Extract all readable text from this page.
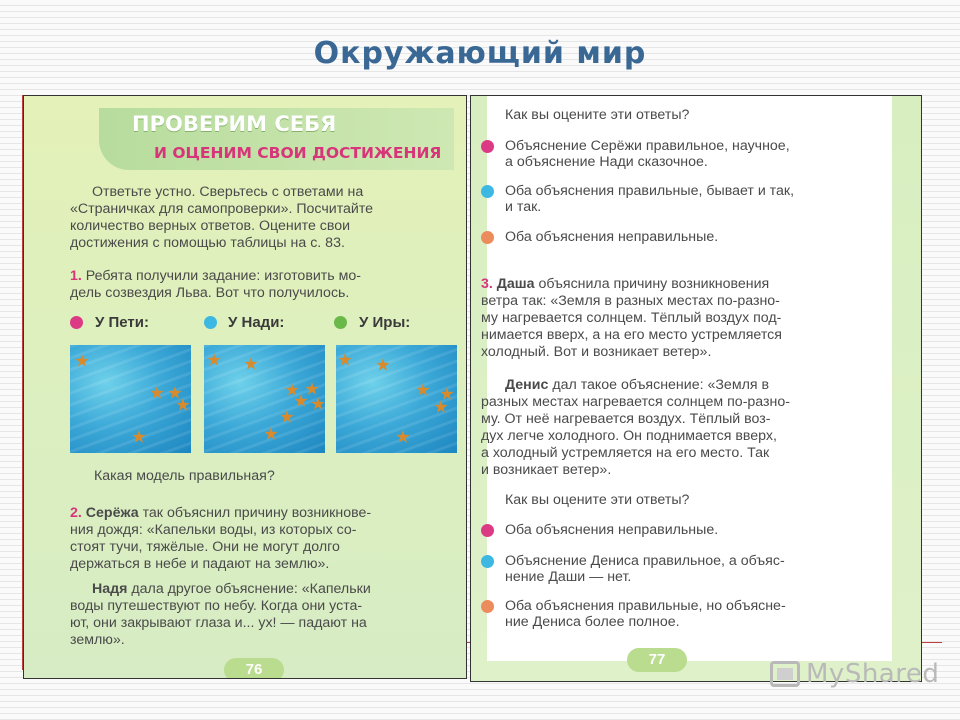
Окружающий мир
ПРОВЕРИМ СЕБЯ
И ОЦЕНИМ СВОИ ДОСТИЖЕНИЯ
Ответьте устно. Сверьтесь с ответами на
«Страничках для самопроверки». Посчитайте
количество верных ответов. Оцените свои
достижения с помощью таблицы на с. 83.
1. Ребята получили задание: изготовить мо-
дель созвездия Льва. Вот что получилось.
У Пети:	У Нади:	У Иры:
Какая модель правильная?
2. Серёжа так объяснил причину возникнове-
ния дождя: «Капельки воды, из которых со-
стоят тучи, тяжёлые. Они не могут долго
держаться в небе и падают на землю».
Надя дала другое объяснение: «Капельки
воды путешествуют по небу. Когда они уста-
ют, они закрывают глаза и... ух! — падают на
землю».
76
Как вы оцените эти ответы?
Объяснение Серёжи правильное, научное,
а объяснение Нади сказочное.
Оба объяснения правильные, бывает и так,
и так.
Оба объяснения неправильные.
3. Даша объяснила причину возникновения
ветра так: «Земля в разных местах по-разно-
му нагревается солнцем. Тёплый воздух под-
нимается вверх, а на его место устремляется
холодный. Вот и возникает ветер».
Денис дал такое объяснение: «Земля в
разных местах нагревается солнцем по-разно-
му. От неё нагревается воздух. Тёплый воз-
дух легче холодного. Он поднимается вверх,
а холодный устремляется на его место. Так
и возникает ветер».
Как вы оцените эти ответы?
Оба объяснения неправильные.
Объяснение Дениса правильное, а объяс-
нение Даши — нет.
Оба объяснения правильные, но объясне-
ние Дениса более полное.
77	MyShared
